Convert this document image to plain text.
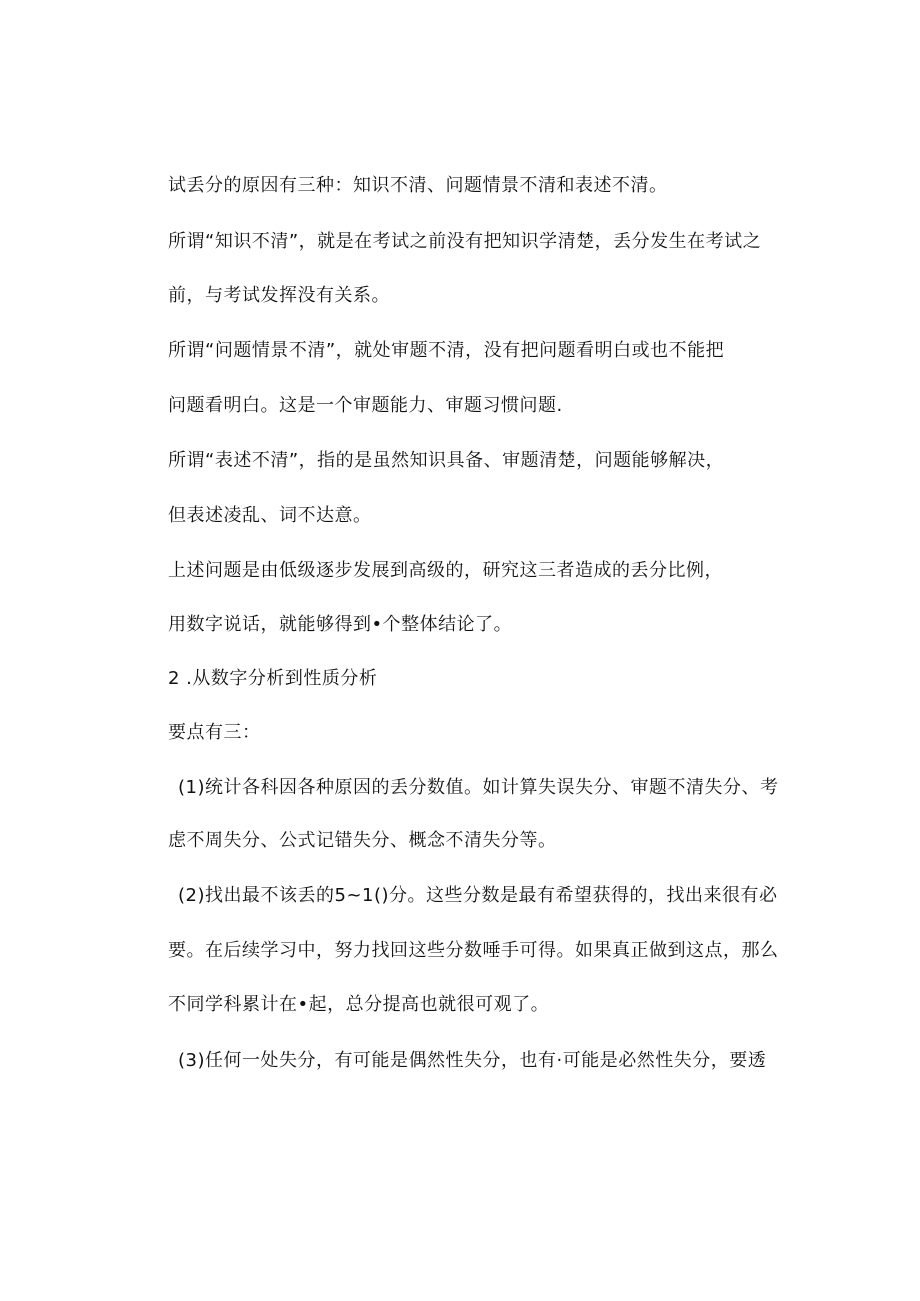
试丢分的原因有三种：知识不清、问题情景不清和表述不清。
所谓“知识不清”，就是在考试之前没有把知识学清楚，丢分发生在考试之
前，与考试发挥没有关系。
所谓“问题情景不清”，就处审题不清，没有把问题看明白或也不能把
问题看明白。这是一个审题能力、审题习惯问题.
所谓“表述不清”，指的是虽然知识具备、审题清楚，问题能够解决，
但表述凌乱、词不达意。
上述问题是由低级逐步发展到高级的，研究这三者造成的丢分比例，
用数字说话，就能够得到•个整体结论了。
2 .从数字分析到性质分析
要点有三：
(1)统计各科因各种原因的丢分数值。如计算失误失分、审题不清失分、考
虑不周失分、公式记错失分、概念不清失分等。
(2)找出最不该丢的5~1()分。这些分数是最有希望获得的，找出来很有必
要。在后续学习中，努力找回这些分数唾手可得。如果真正做到这点，那么
不同学科累计在•起，总分提高也就很可观了。
(3)任何一处失分，有可能是偶然性失分，也有·可能是必然性失分，要透
